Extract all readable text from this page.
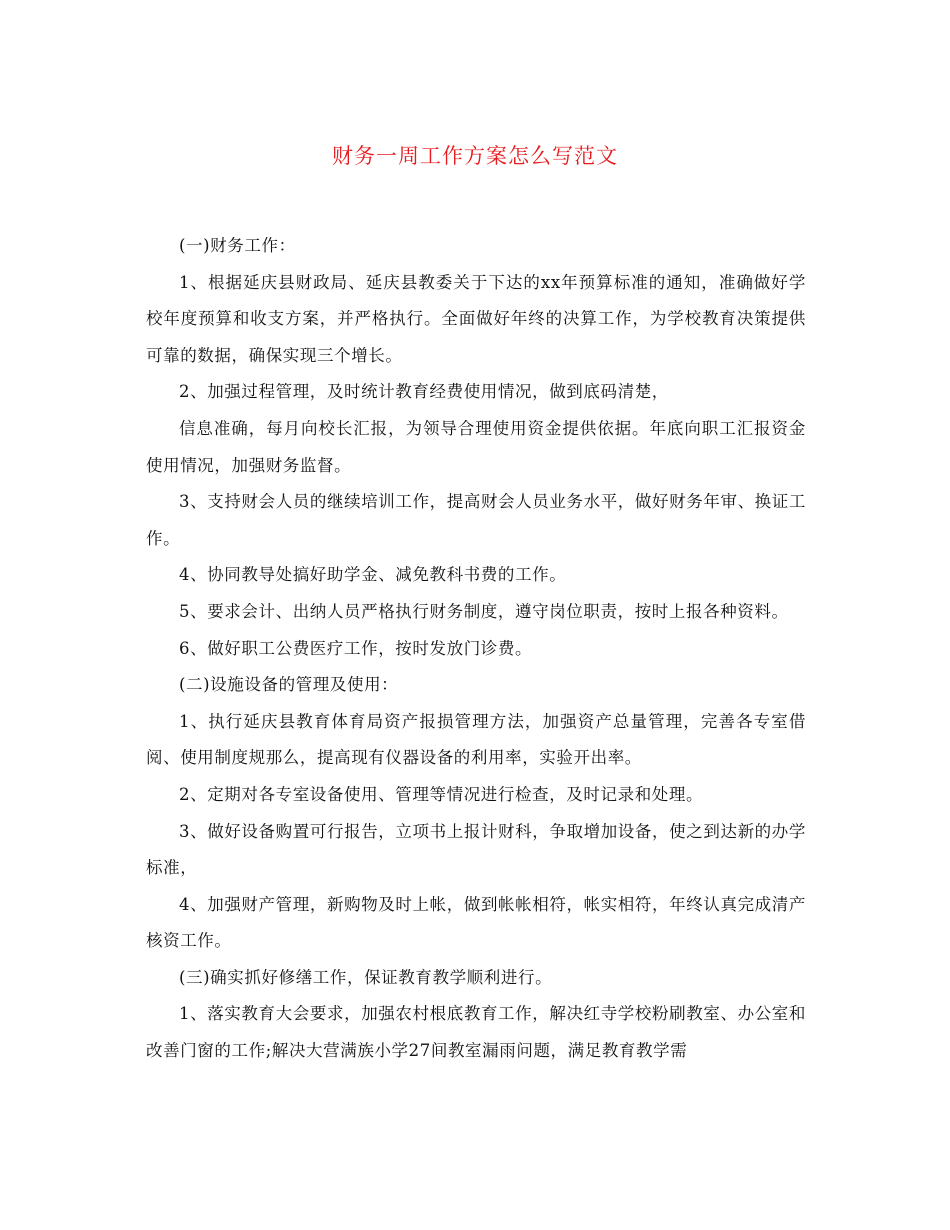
财务一周工作方案怎么写范文

(一)财务工作：

1、根据延庆县财政局、延庆县教委关于下达的xx年预算标准的通知，准确做好学校年度预算和收支方案，并严格执行。全面做好年终的决算工作，为学校教育决策提供可靠的数据，确保实现三个增长。

2、加强过程管理，及时统计教育经费使用情况，做到底码清楚，

信息准确，每月向校长汇报，为领导合理使用资金提供依据。年底向职工汇报资金使用情况，加强财务监督。

3、支持财会人员的继续培训工作，提高财会人员业务水平，做好财务年审、换证工作。

4、协同教导处搞好助学金、减免教科书费的工作。

5、要求会计、出纳人员严格执行财务制度，遵守岗位职责，按时上报各种资料。

6、做好职工公费医疗工作，按时发放门诊费。

(二)设施设备的管理及使用：

1、执行延庆县教育体育局资产报损管理方法，加强资产总量管理，完善各专室借阅、使用制度规那么，提高现有仪器设备的利用率，实验开出率。

2、定期对各专室设备使用、管理等情况进行检查，及时记录和处理。

3、做好设备购置可行报告，立项书上报计财科，争取增加设备，使之到达新的办学标准，

4、加强财产管理，新购物及时上帐，做到帐帐相符，帐实相符，年终认真完成清产核资工作。

(三)确实抓好修缮工作，保证教育教学顺利进行。

1、落实教育大会要求，加强农村根底教育工作，解决红寺学校粉刷教室、办公室和改善门窗的工作;解决大营满族小学27间教室漏雨问题，满足教育教学需
